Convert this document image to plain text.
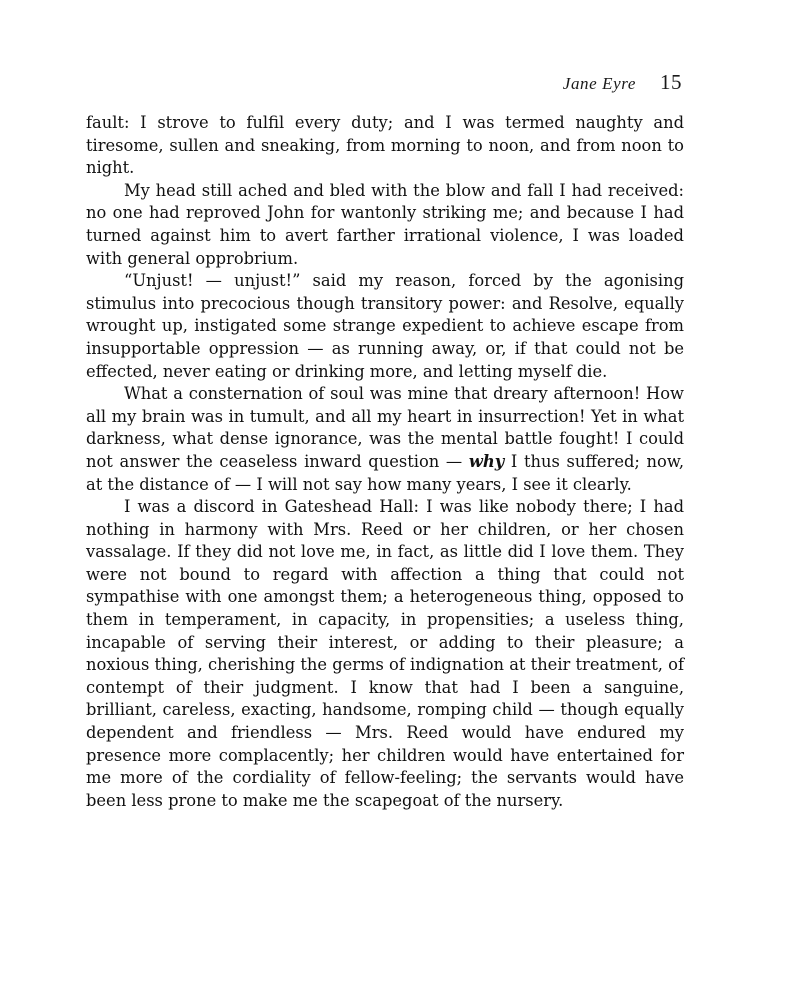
Jane Eyre 15

fault: I strove to fulfil every duty; and I was termed naughty and tiresome, sullen and sneaking, from morning to noon, and from noon to night.

My head still ached and bled with the blow and fall I had received: no one had reproved John for wantonly striking me; and because I had turned against him to avert farther irrational violence, I was loaded with general opprobrium.

“Unjust! — unjust!” said my reason, forced by the agonising stimulus into precocious though transitory power: and Resolve, equally wrought up, instigated some strange expedient to achieve escape from insupportable oppression — as running away, or, if that could not be effected, never eating or drinking more, and letting myself die.

What a consternation of soul was mine that dreary afternoon! How all my brain was in tumult, and all my heart in insurrection! Yet in what darkness, what dense ignorance, was the mental battle fought! I could not answer the ceaseless inward question — why I thus suffered; now, at the distance of — I will not say how many years, I see it clearly.

I was a discord in Gateshead Hall: I was like nobody there; I had nothing in harmony with Mrs. Reed or her children, or her chosen vassalage. If they did not love me, in fact, as little did I love them. They were not bound to regard with affection a thing that could not sympathise with one amongst them; a heterogeneous thing, opposed to them in temperament, in capacity, in propensities; a useless thing, incapable of serving their interest, or adding to their pleasure; a noxious thing, cherishing the germs of indignation at their treatment, of contempt of their judgment. I know that had I been a sanguine, brilliant, careless, exacting, handsome, romping child — though equally dependent and friendless — Mrs. Reed would have endured my presence more complacently; her children would have entertained for me more of the cordiality of fellow-feeling; the servants would have been less prone to make me the scapegoat of the nursery.
